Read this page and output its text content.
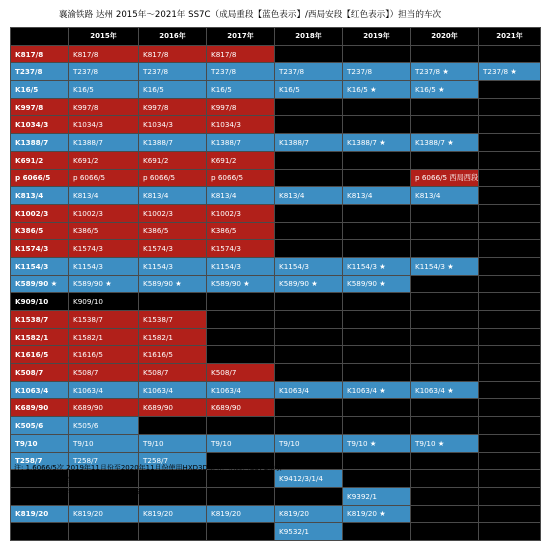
襄渝铁路 达州 2015年～2021年 SS7C（成局重段【蓝色表示】/西局安段【红色表示】）担当的车次
	2015年	2016年	2017年	2018年	2019年	2020年	2021年
K817/8	K817/8	K817/8	K817/8				
T237/8	T237/8	T237/8	T237/8	T237/8	T237/8	T237/8 ★	T237/8 ★
K16/5	K16/5	K16/5	K16/5	K16/5	K16/5 ★	K16/5 ★	
K997/8	K997/8	K997/8	K997/8				
K1034/3	K1034/3	K1034/3	K1034/3				
K1388/7	K1388/7	K1388/7	K1388/7	K1388/7	K1388/7 ★	K1388/7 ★	
K691/2	K691/2	K691/2	K691/2				
p 6066/5	p 6066/5	p 6066/5	p 6066/5			p 6066/5 西局西段	
K813/4	K813/4	K813/4	K813/4	K813/4	K813/4	K813/4	
K1002/3	K1002/3	K1002/3	K1002/3				
K386/5	K386/5	K386/5	K386/5				
K1574/3	K1574/3	K1574/3	K1574/3				
K1154/3	K1154/3	K1154/3	K1154/3	K1154/3	K1154/3 ★	K1154/3 ★	
K589/90 ★	K589/90 ★	K589/90 ★	K589/90 ★	K589/90 ★	K589/90 ★		
K909/10	K909/10						
K1538/7	K1538/7	K1538/7					
K1582/1	K1582/1	K1582/1					
K1616/5	K1616/5	K1616/5					
K508/7	K508/7	K508/7	K508/7				
K1063/4	K1063/4	K1063/4	K1063/4	K1063/4	K1063/4 ★	K1063/4 ★	
K689/90	K689/90	K689/90	K689/90				
K505/6	K505/6						
T9/10	T9/10	T9/10	T9/10	T9/10	T9/10 ★	T9/10 ★	
T258/7	T258/7	T258/7					
				K9412/3/1/4			
					K9392/1		
K819/20	K819/20	K819/20	K819/20	K819/20	K819/20 ★		
				K9532/1			
注: 1.6066/5次 2019年11月份至2020年11月份使用HXD3D牵引，后改回SS7C牵引
2.★表示混合担当车，即SS7C与HXD3C混用
3.自2019年3月起西局安段所有SS7C转配到西局西段
